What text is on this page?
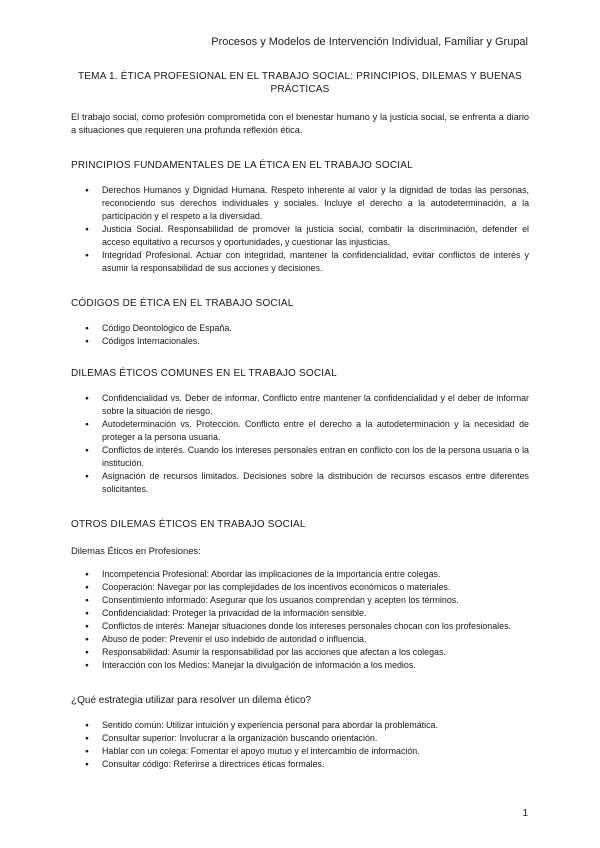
Procesos y Modelos de Intervención Individual, Familiar y Grupal
TEMA 1. ÉTICA PROFESIONAL EN EL TRABAJO SOCIAL: PRINCIPIOS, DILEMAS Y BUENAS
PRÁCTICAS

El trabajo social, como profesión comprometida con el bienestar humano y la justicia social, se enfrenta a diario a situaciones que requieren una profunda reflexión ética.

PRINCIPIOS FUNDAMENTALES DE LA ÉTICA EN EL TRABAJO SOCIAL
● Derechos Humanos y Dignidad Humana. Respeto inherente al valor y la dignidad de todas las personas, reconociendo sus derechos individuales y sociales. Incluye el derecho a la autodeterminación, a la participación y el respeto a la diversidad.
● Justicia Social. Responsabilidad de promover la justicia social, combatir la discriminación, defender el acceso equitativo a recursos y oportunidades, y cuestionar las injusticias.
● Integridad Profesional. Actuar con integridad, mantener la confidencialidad, evitar conflictos de interés y asumir la responsabilidad de sus acciones y decisiones.
CÓDIGOS DE ÉTICA EN EL TRABAJO SOCIAL
● Código Deontológico de España.
● Códigos Internacionales.
DILEMAS ÉTICOS COMUNES EN EL TRABAJO SOCIAL
● Confidencialidad vs. Deber de informar. Conflicto entre mantener la confidencialidad y el deber de informar sobre la situación de riesgo.
● Autodeterminación vs. Protección. Conflicto entre el derecho a la autodeterminación y la necesidad de proteger a la persona usuaria.
● Conflictos de interés. Cuando los intereses personales entran en conflicto con los de la persona usuaria o la institución.
● Asignación de recursos limitados. Decisiones sobre la distribución de recursos escasos entre diferentes solicitantes.
OTROS DILEMAS ÉTICOS EN TRABAJO SOCIAL
Dilemas Éticos en Profesiones:
● Incompetencia Profesional: Abordar las implicaciones de la importancia entre colegas.
● Cooperación: Navegar por las complejidades de los incentivos económicos o materiales.
● Consentimiento informado: Asegurar que los usuarios comprendan y acepten los términos.
● Confidencialidad: Proteger la privacidad de la información sensible.
● Conflictos de interés: Manejar situaciones donde los intereses personales chocan con los profesionales.
● Abuso de poder: Prevenir el uso indebido de autoridad o influencia.
● Responsabilidad: Asumir la responsabilidad por las acciones que afectan a los colegas.
● Interacción con los Medios: Manejar la divulgación de información a los medios.
¿Qué estrategia utilizar para resolver un dilema ético?
● Sentido común: Utilizar intuición y experiencia personal para abordar la problemática.
● Consultar superior: Involucrar a la organización buscando orientación.
● Hablar con un colega: Fomentar el apoyo mutuo y el intercambio de información.
● Consultar código: Referirse a directrices éticas formales.
1
